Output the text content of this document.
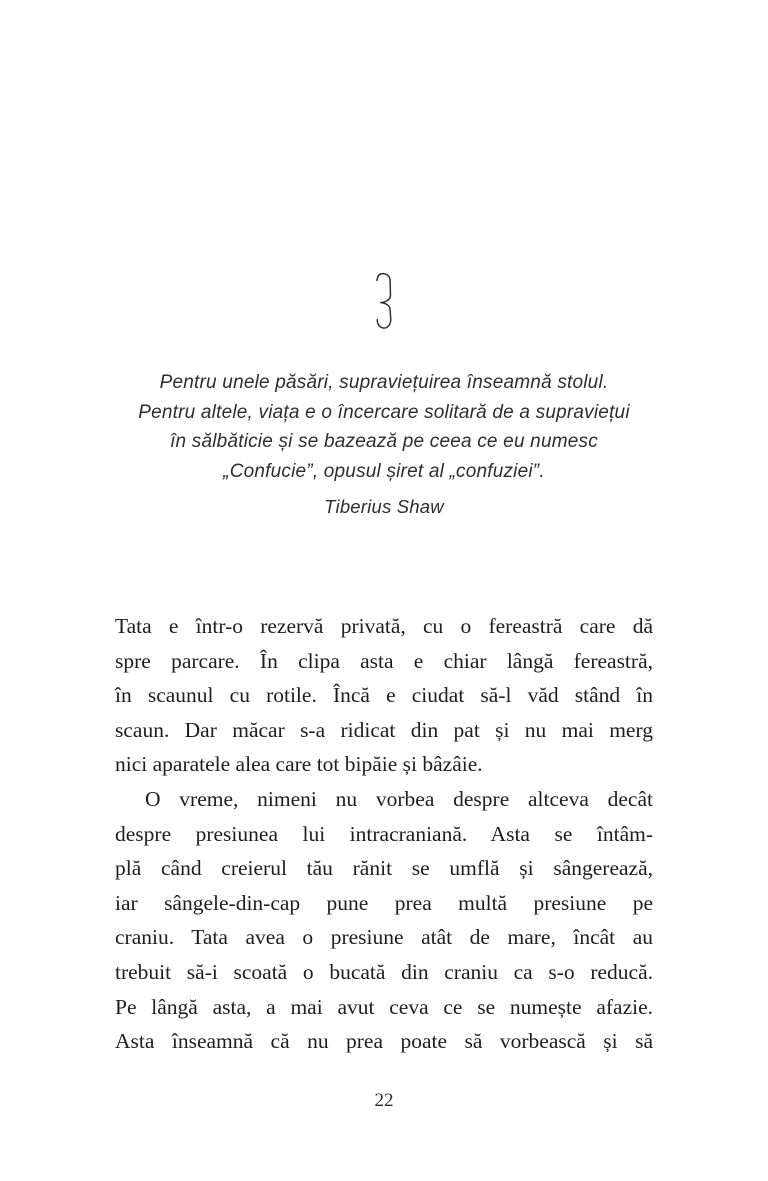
Pentru unele păsări, supraviețuirea înseamnă stolul.
Pentru altele, viața e o încercare solitară de a supraviețui
în sălbăticie și se bazează pe ceea ce eu numesc
„Confucie”, opusul șiret al „confuziei”.
Tiberius Shaw
Tata e într-o rezervă privată, cu o fereastră care dă
spre parcare. În clipa asta e chiar lângă fereastră,
în scaunul cu rotile. Încă e ciudat să-l văd stând în
scaun. Dar măcar s-a ridicat din pat și nu mai merg
nici aparatele alea care tot bipăie și bâzâie.
O vreme, nimeni nu vorbea despre altceva decât
despre presiunea lui intracraniană. Asta se întâm-
plă când creierul tău rănit se umflă și sângerează,
iar sângele-din-cap pune prea multă presiune pe
craniu. Tata avea o presiune atât de mare, încât au
trebuit să-i scoată o bucată din craniu ca s-o reducă.
Pe lângă asta, a mai avut ceva ce se numește afazie.
Asta înseamnă că nu prea poate să vorbească și să
22
